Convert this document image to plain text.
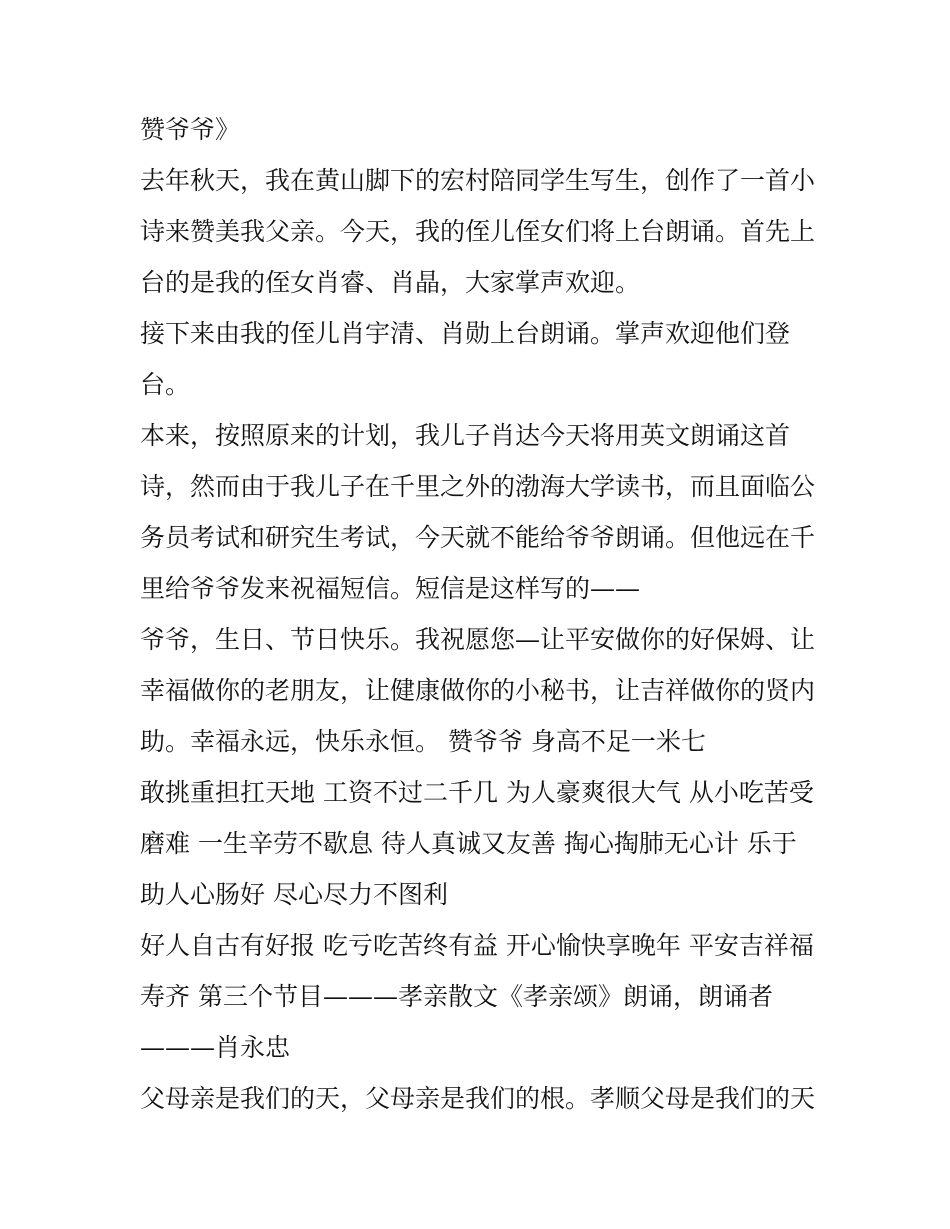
赞爷爷》
去年秋天，我在黄山脚下的宏村陪同学生写生，创作了一首小
诗来赞美我父亲。今天，我的侄儿侄女们将上台朗诵。首先上
台的是我的侄女肖睿、肖晶，大家掌声欢迎。
接下来由我的侄儿肖宇清、肖勋上台朗诵。掌声欢迎他们登
台。
本来，按照原来的计划，我儿子肖达今天将用英文朗诵这首
诗，然而由于我儿子在千里之外的渤海大学读书，而且面临公
务员考试和研究生考试，今天就不能给爷爷朗诵。但他远在千
里给爷爷发来祝福短信。短信是这样写的——
爷爷，生日、节日快乐。我祝愿您—让平安做你的好保姆、让
幸福做你的老朋友，让健康做你的小秘书，让吉祥做你的贤内
助。幸福永远，快乐永恒。 赞爷爷 身高不足一米七
敢挑重担扛天地 工资不过二千几 为人豪爽很大气 从小吃苦受
磨难 一生辛劳不歇息 待人真诚又友善 掏心掏肺无心计 乐于
助人心肠好 尽心尽力不图利
好人自古有好报 吃亏吃苦终有益 开心愉快享晚年 平安吉祥福
寿齐 第三个节目———孝亲散文《孝亲颂》朗诵，朗诵者
———肖永忠
父母亲是我们的天，父母亲是我们的根。孝顺父母是我们的天
